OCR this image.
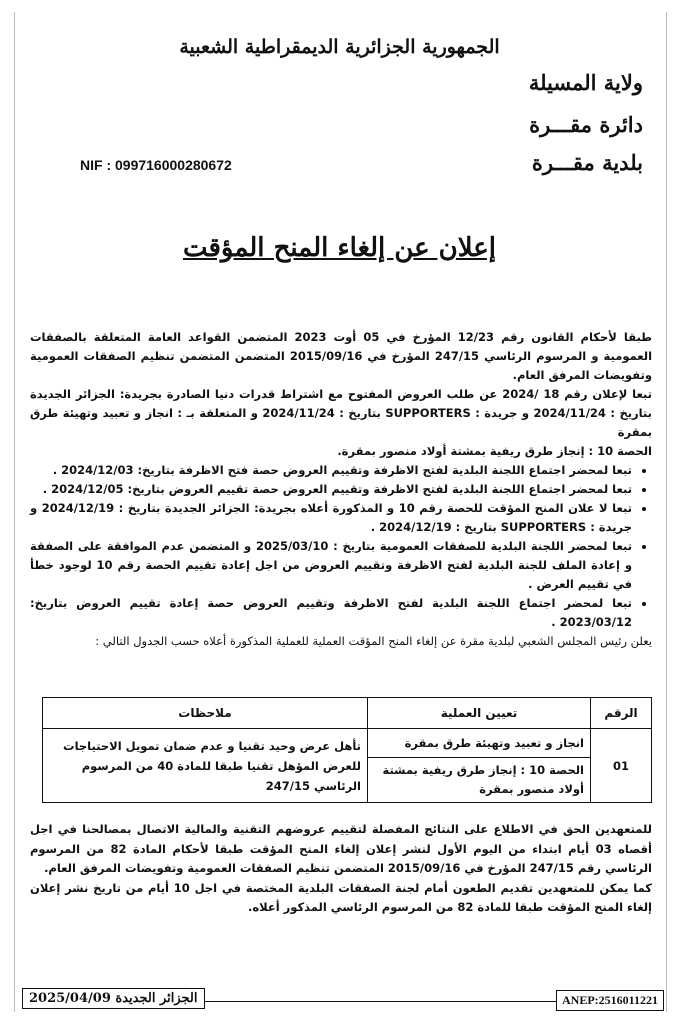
الجمهورية الجزائرية الديمقراطية الشعبية
ولاية المسيلة
دائرة مقـــرة
بلدية مقـــرة
NIF : 099716000280672
إعلان عن إلغاء المنح المؤقت

طبقا لأحكام القانون رقم 12/23 المؤرخ في 05 أوت 2023 المتضمن القواعد العامة المتعلقة بالصفقات العمومية و المرسوم الرئاسي 247/15 المؤرخ في 2015/09/16 المتضمن المتضمن تنظيم الصفقات العمومية وتفويضات المرفق العام.

تبعا لإعلان رقم 18 /2024 عن طلب العروض المفتوح مع اشتراط قدرات دنيا الصادرة بجريدة: الجزائر الجديدة بتاريخ : 2024/11/24 و جريدة : SUPPORTERS بتاريخ : 2024/11/24 و المتعلقة بـ : انجاز و تعبيد وتهيئة طرق بمقرة

الحصة 10 : إنجاز طرق ريفية بمشتة أولاد منصور بمقرة.

• تبعا لمحضر اجتماع اللجنة البلدية لفتح الاظرفة وتقييم العروض حصة فتح الاظرفة بتاريخ: 2024/12/03 .
• تبعا لمحضر اجتماع اللجنة البلدية لفتح الاظرفة وتقييم العروض حصة تقييم العروض بتاريخ: 2024/12/05 .
• تبعا لا علان المنح المؤقت للحصة رقم 10 و المذكورة أعلاه بجريدة: الجزائر الجديدة بتاريخ : 2024/12/19 و جريدة : SUPPORTERS بتاريخ : 2024/12/19 .
• تبعا لمحضر اللجنة البلدية للصفقات العمومية بتاريخ : 2025/03/10 و المتضمن عدم الموافقة على الصفقة و إعادة الملف للجنة البلدية لفتح الاظرفة وتقييم العروض من اجل إعادة تقييم الحصة رقم 10 لوجود خطأ في تقييم العرض .
• تبعا لمحضر اجتماع اللجنة البلدية لفتح الاظرفة وتقييم العروض حصة إعادة تقييم العروض بتاريخ: 2023/03/12 .

يعلن رئيس المجلس الشعبي لبلدية مقرة عن إلغاء المنح المؤقت العملية للعملية المذكورة أعلاه حسب الجدول التالي :

الرقم	تعيين العملية	ملاحظات
01	انجاز و تعبيد وتهيئة طرق بمقرة	تأهل عرض وحيد تقنيا و عدم ضمان تمويل الاحتياجات للعرض المؤهل تقنيا طبقا للمادة 40 من المرسوم الرئاسي 247/15
	الحصة 10 : إنجاز طرق ريفية بمشتة أولاد منصور بمقرة	

للمتعهدين الحق في الاطلاع على النتائج المفصلة لتقييم عروضهم التقنية والمالية الاتصال بمصالحنا في اجل أقصاه 03 أيام ابتداء من اليوم الأول لنشر إعلان إلغاء المنح المؤقت طبقا لأحكام المادة 82 من المرسوم الرئاسي رقم 247/15 المؤرخ في 2015/09/16 المتضمن تنظيم الصفقات العمومية وتفويضات المرفق العام.

كما يمكن للمتعهدين تقديم الطعون أمام لجنة الصفقات البلدية المختصة في اجل 10 أيام من تاريخ نشر إعلان إلغاء المنح المؤقت طبقا للمادة 82 من المرسوم الرئاسي المذكور أعلاه.

2025/04/09 الجزائر الجديدة	ANEP:2516011221
